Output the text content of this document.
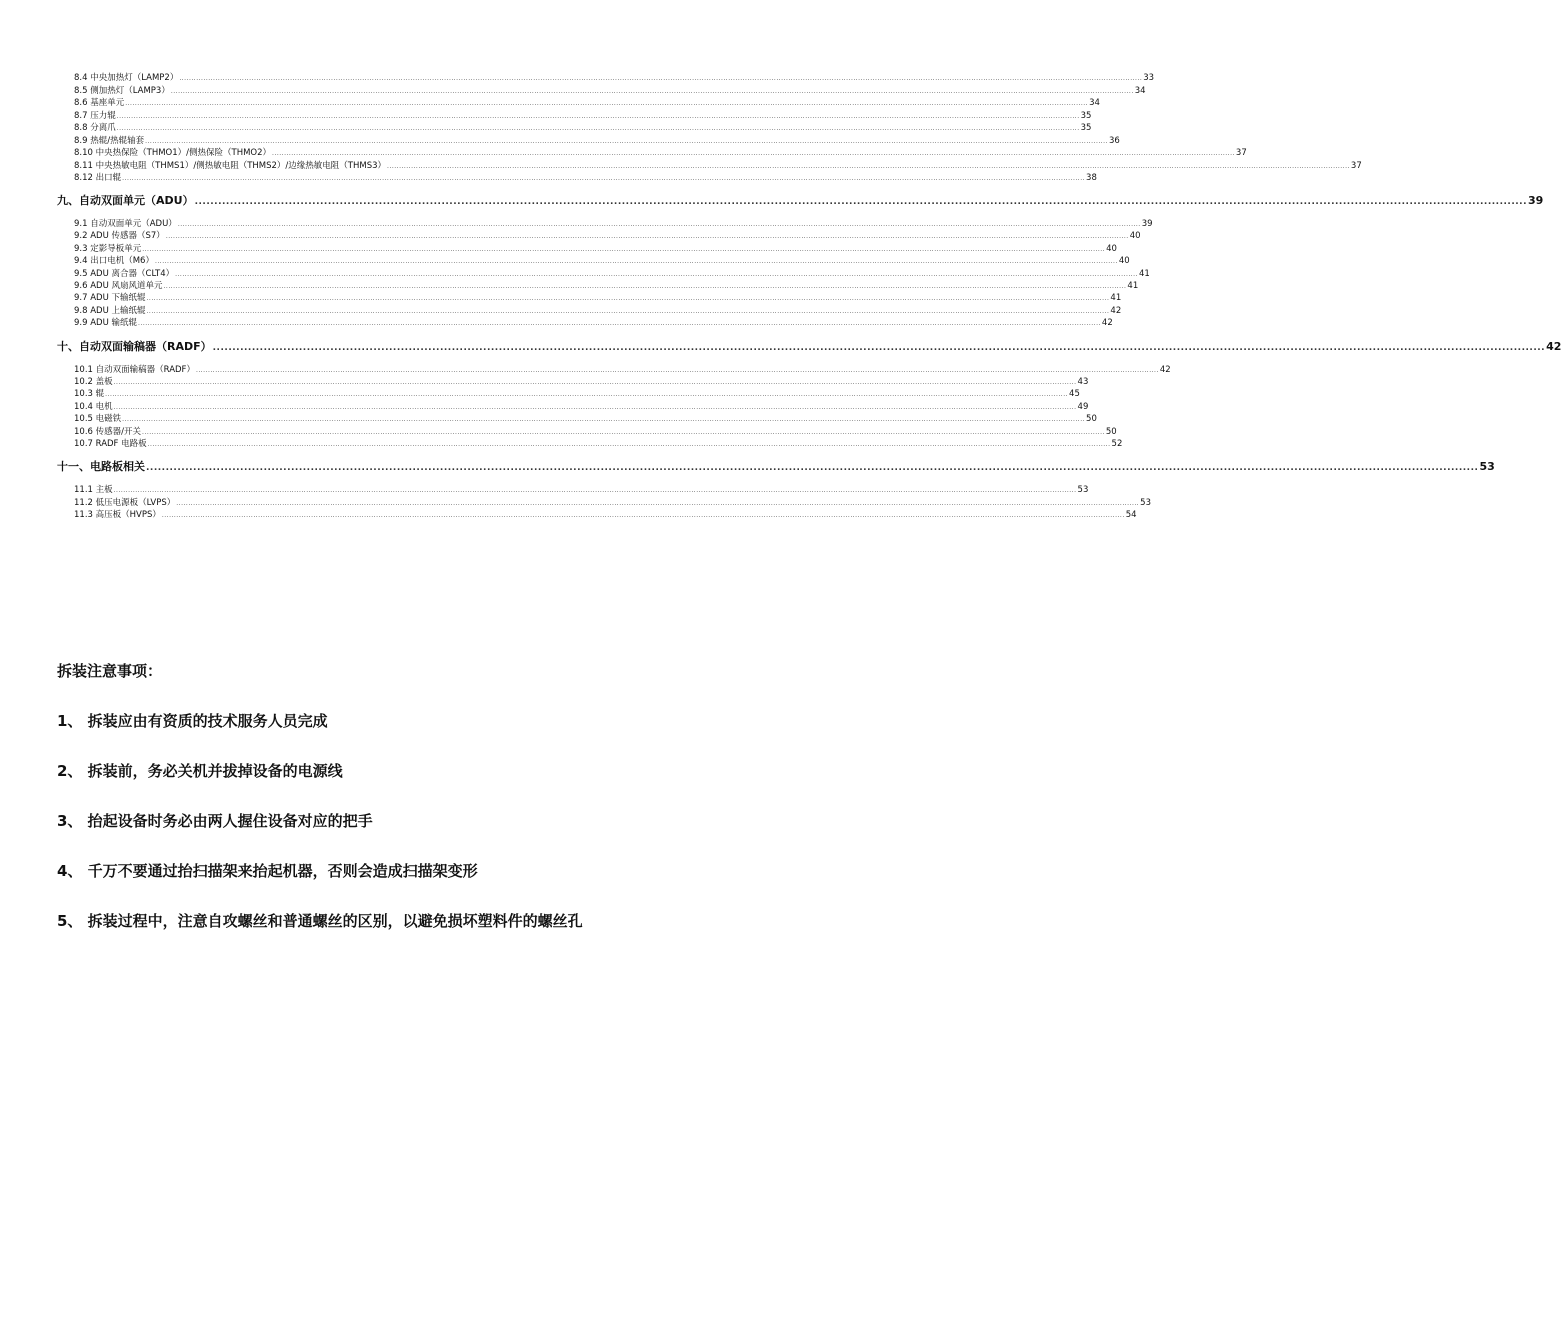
8.4 中央加热灯（LAMP2） ................................................................................................................................................................................................................................................................................................................................................................................................................ 33
8.5 侧加热灯（LAMP3） ................................................................................................................................................................................................................................................................................................................................................................................................................ 34
8.6 基座单元 ................................................................................................................................................................................................................................................................................................................................................................................................................ 34
8.7 压力辊 ................................................................................................................................................................................................................................................................................................................................................................................................................ 35
8.8 分离爪 ................................................................................................................................................................................................................................................................................................................................................................................................................ 35
8.9 热辊/热辊轴套 ................................................................................................................................................................................................................................................................................................................................................................................................................ 36
8.10 中央热保险（THMO1）/侧热保险（THMO2） ................................................................................................................................................................................................................................................................................................................................................................................................................ 37
8.11 中央热敏电阻（THMS1）/侧热敏电阻（THMS2）/边缘热敏电阻（THMS3） ................................................................................................................................................................................................................................................................................................................................................................................................................ 37
8.12 出口辊 ................................................................................................................................................................................................................................................................................................................................................................................................................ 38
九、自动双面单元（ADU） .................................................................................................................................................................................................................................................................................................................................................... 39
9.1 自动双面单元（ADU） ................................................................................................................................................................................................................................................................................................................................................................................................................ 39
9.2 ADU 传感器（S7） ................................................................................................................................................................................................................................................................................................................................................................................................................ 40
9.3 定影导板单元 ................................................................................................................................................................................................................................................................................................................................................................................................................ 40
9.4 出口电机（M6） ................................................................................................................................................................................................................................................................................................................................................................................................................ 40
9.5 ADU 离合器（CLT4） ................................................................................................................................................................................................................................................................................................................................................................................................................ 41
9.6 ADU 风扇风道单元 ................................................................................................................................................................................................................................................................................................................................................................................................................ 41
9.7 ADU 下输纸辊 ................................................................................................................................................................................................................................................................................................................................................................................................................ 41
9.8 ADU 上输纸辊 ................................................................................................................................................................................................................................................................................................................................................................................................................ 42
9.9 ADU 输纸辊 ................................................................................................................................................................................................................................................................................................................................................................................................................ 42
十、自动双面输稿器（RADF） .................................................................................................................................................................................................................................................................................................................................................... 42
10.1 自动双面输稿器（RADF） ................................................................................................................................................................................................................................................................................................................................................................................................................ 42
10.2 盖板 ................................................................................................................................................................................................................................................................................................................................................................................................................ 43
10.3 辊 ................................................................................................................................................................................................................................................................................................................................................................................................................ 45
10.4 电机 ................................................................................................................................................................................................................................................................................................................................................................................................................ 49
10.5 电磁铁 ................................................................................................................................................................................................................................................................................................................................................................................................................ 50
10.6 传感器/开关 ................................................................................................................................................................................................................................................................................................................................................................................................................ 50
10.7 RADF 电路板 ................................................................................................................................................................................................................................................................................................................................................................................................................ 52
十一、电路板相关 .................................................................................................................................................................................................................................................................................................................................................... 53
11.1 主板 ................................................................................................................................................................................................................................................................................................................................................................................................................ 53
11.2 低压电源板（LVPS） ................................................................................................................................................................................................................................................................................................................................................................................................................ 53
11.3 高压板（HVPS） ................................................................................................................................................................................................................................................................................................................................................................................................................ 54
拆装注意事项：
1、 拆装应由有资质的技术服务人员完成
2、 拆装前，务必关机并拔掉设备的电源线
3、 抬起设备时务必由两人握住设备对应的把手
4、 千万不要通过抬扫描架来抬起机器，否则会造成扫描架变形
5、 拆装过程中，注意自攻螺丝和普通螺丝的区别，以避免损坏塑料件的螺丝孔
